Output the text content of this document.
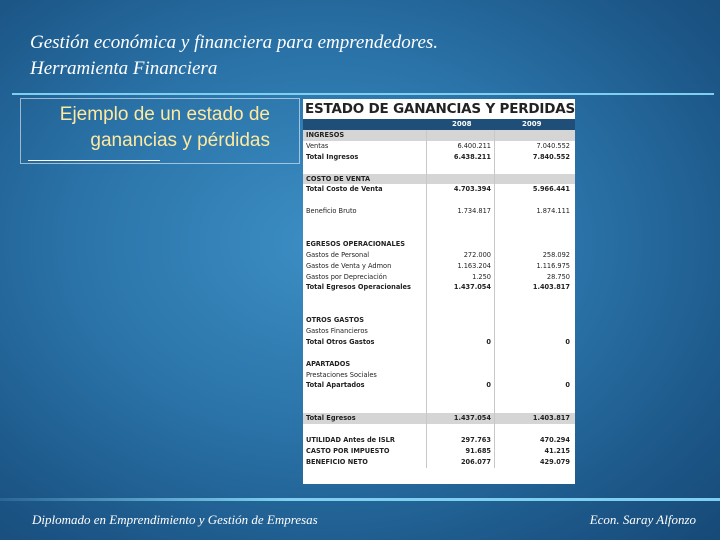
Gestión económica y financiera para emprendedores.
Herramienta Financiera
Ejemplo de un estado de
ganancias y pérdidas
ESTADO DE GANANCIAS Y PERDIDAS
2008	2009
INGRESOS
Ventas	6.400.211	7.040.552
Total Ingresos	6.438.211	7.840.552
COSTO DE VENTA
Total Costo de Venta	4.703.394	5.966.441
Beneficio Bruto	1.734.817	1.874.111
EGRESOS OPERACIONALES
Gastos de Personal	272.000	258.092
Gastos de Venta y Admon	1.163.204	1.116.975
Gastos por Depreciación	1.250	28.750
Total Egresos Operacionales	1.437.054	1.403.817
OTROS GASTOS
Gastos Financieros
Total Otros Gastos	0	0
APARTADOS
Prestaciones Sociales
Total Apartados	0	0
Total Egresos	1.437.054	1.403.817
UTILIDAD Antes de ISLR	297.763	470.294
CASTO POR IMPUESTO	91.685	41.215
BENEFICIO NETO	206.077	429.079
Diplomado en Emprendimiento y Gestión de Empresas	Econ. Saray Alfonzo
